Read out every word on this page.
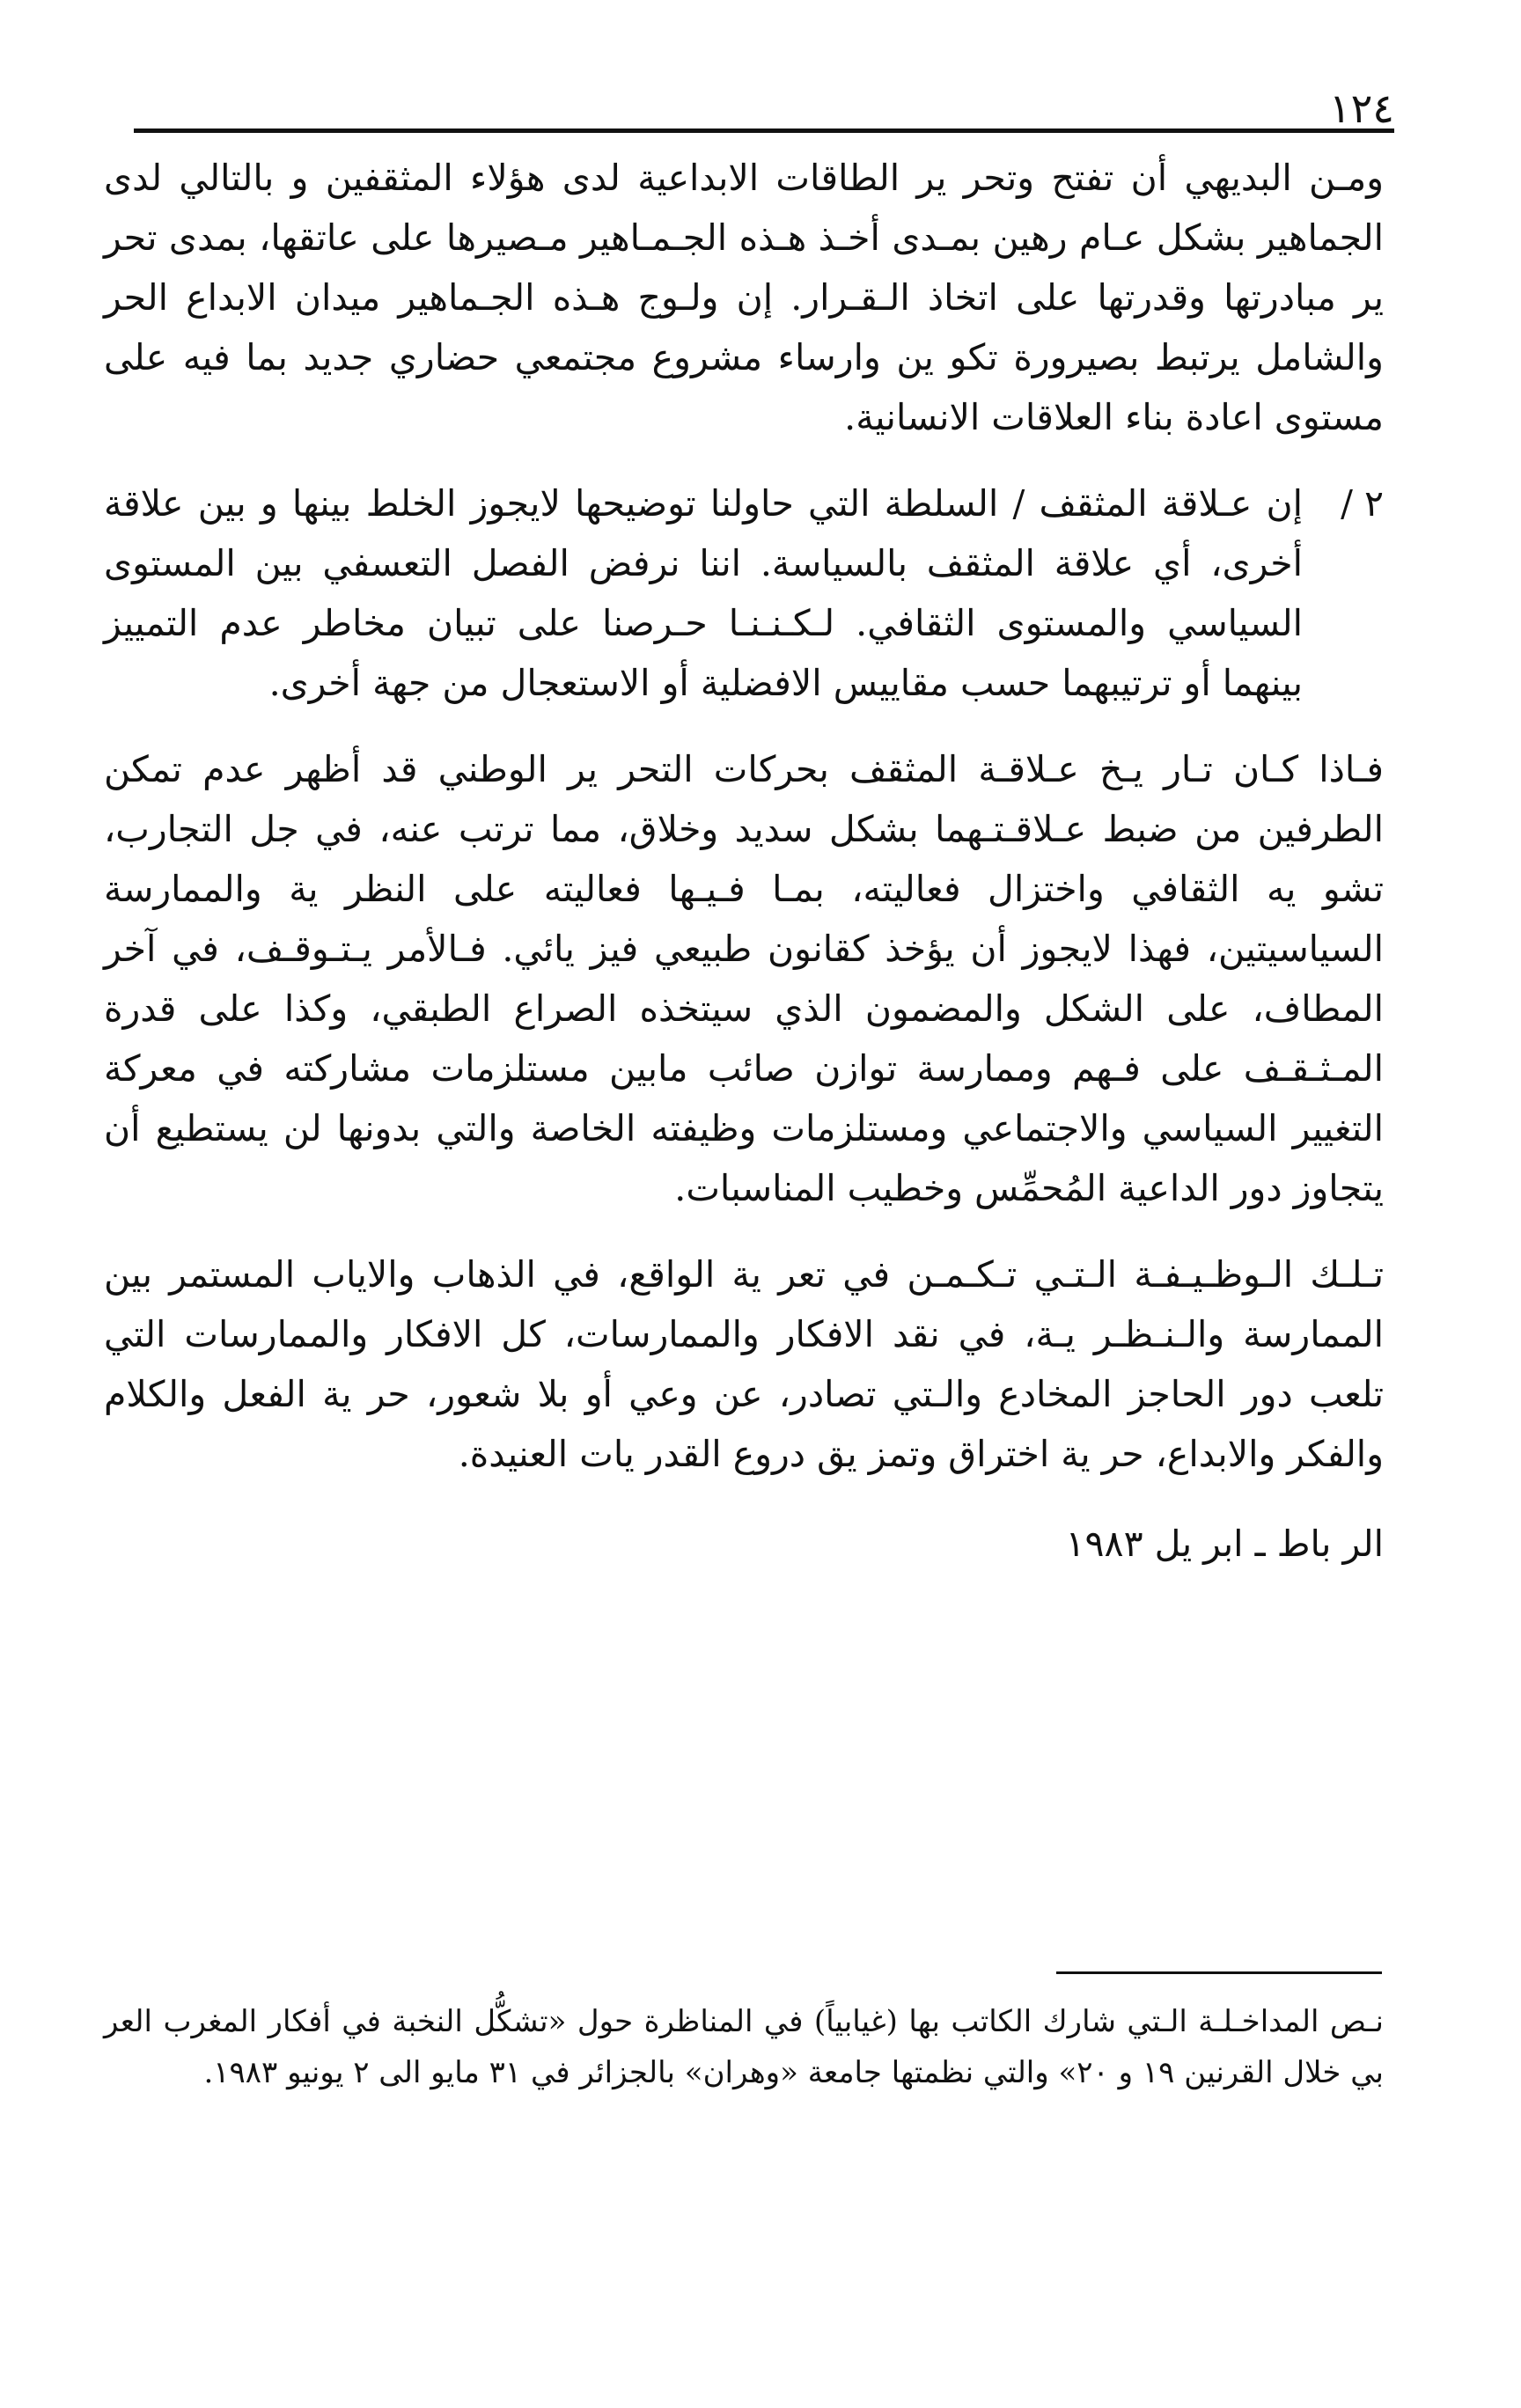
١٢٤

ومـن البديهي أن تفتح وتحر ير الطاقات الابداعية لدى هؤلاء المثقفين و بالتالي لدى الجماهير بشكل عـام رهين بمـدى أخـذ هـذه الجـمـاهير مـصيرها على عاتقها، بمدى تحر ير مبادرتها وقدرتها على اتخاذ الـقـرار. إن ولـوج هـذه الجـماهير ميدان الابداع الحر والشامل يرتبط بصيرورة تكو ين وارساء مشروع مجتمعي حضاري جديد بما فيه على مستوى اعادة بناء العلاقات الانسانية.

٢ /

إن عـلاقة المثقف / السلطة التي حاولنا توضيحها لايجوز الخلط بينها و بين علاقة أخرى، أي علاقة المثقف بالسياسة. اننا نرفض الفصل التعسفي بين المستوى السياسي والمستوى الثقافي. لـكـنـنـا حـرصنا على تبيان مخاطر عدم التمييز بينهما أو ترتيبهما حسب مقاييس الافضلية أو الاستعجال من جهة أخرى.

فـاذا كـان تـار يـخ عـلاقـة المثقف بحركات التحر ير الوطني قد أظهر عدم تمكن الطرفين من ضبط عـلاقـتـهما بشكل سديد وخلاق، مما ترتب عنه، في جل التجارب، تشو يه الثقافي واختزال فعاليته، بمـا فـيـها فعاليته على النظر ية والممارسة السياسيتين، فهذا لايجوز أن يؤخذ كقانون طبيعي فيز يائي. فـالأمر يـتـوقـف، في آخر المطاف، على الشكل والمضمون الذي سيتخذه الصراع الطبقي، وكذا على قدرة المـثـقـف على فـهم وممارسة توازن صائب مابين مستلزمات مشاركته في معركة التغيير السياسي والاجتماعي ومستلزمات وظيفته الخاصة والتي بدونها لن يستطيع أن يتجاوز دور الداعية المُحمِّس وخطيب المناسبات.

تـلـك الـوظـيـفـة الـتـي تـكـمـن في تعر ية الواقع، في الذهاب والاياب المستمر بين الممارسة والـنـظـر يـة، في نقد الافكار والممارسات، كل الافكار والممارسات التي تلعب دور الحاجز المخادع والـتي تصادر، عن وعي أو بلا شعور، حر ية الفعل والكلام والفكر والابداع، حر ية اختراق وتمز يق دروع القدر يات العنيدة.

الر باط ـ ابر يل ١٩٨٣

نـص المداخـلـة الـتي شارك الكاتب بها (غيابياً) في المناظرة حول «تشكُّل النخبة في أفكار المغرب العر بي خلال القرنين ١٩ و ٢٠» والتي نظمتها جامعة «وهران» بالجزائر في ٣١ مايو الى ٢ يونيو ١٩٨٣.
